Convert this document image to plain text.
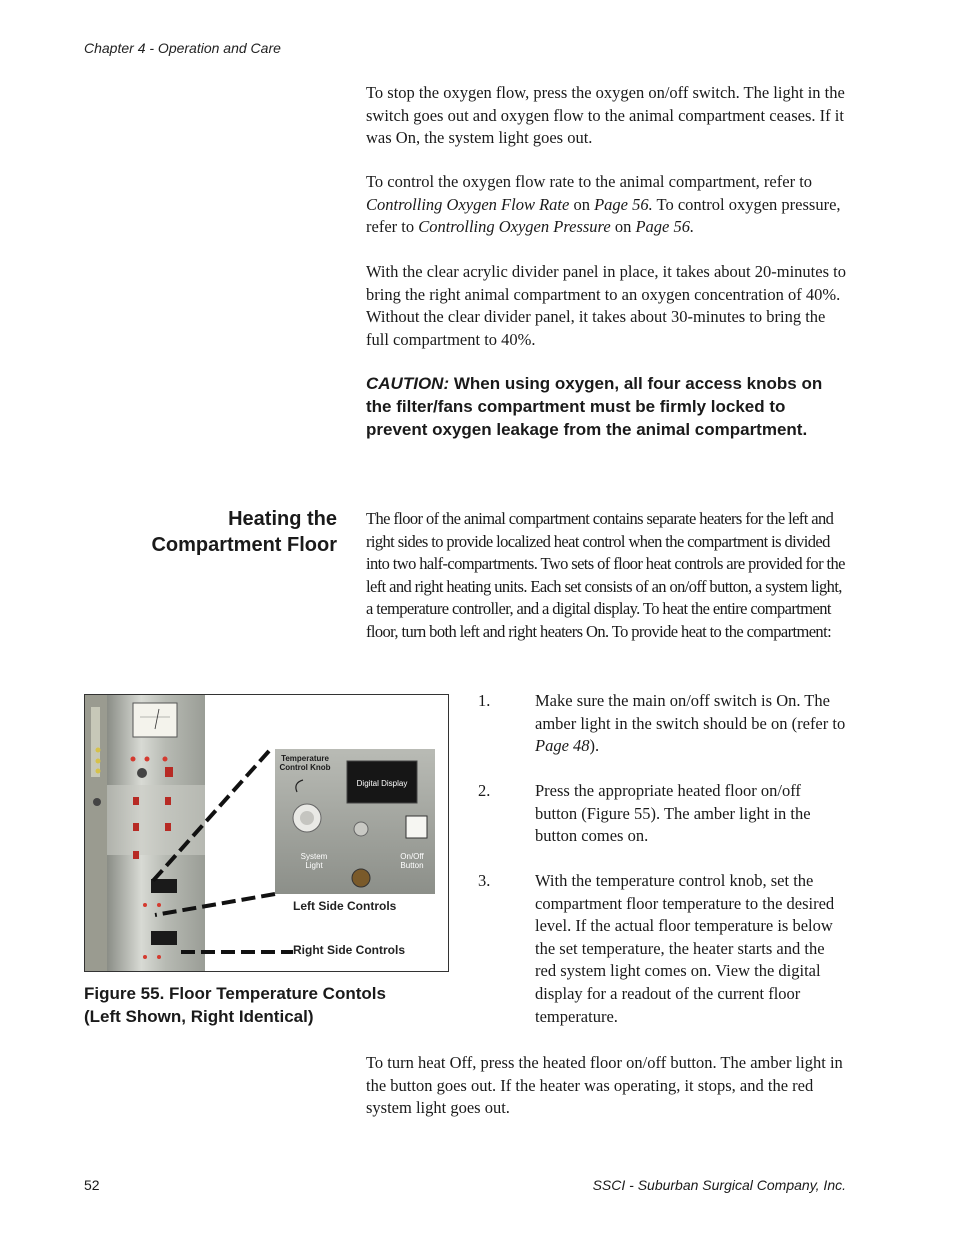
Chapter 4 - Operation and Care

To stop the oxygen flow, press the oxygen on/off switch. The light in the switch goes out and oxygen flow to the animal compartment ceases. If it was On, the system light goes out.

To control the oxygen flow rate to the animal compartment, refer to Controlling Oxygen Flow Rate on Page 56. To control oxygen pressure, refer to Controlling Oxygen Pressure on Page 56.

With the clear acrylic divider panel in place, it takes about 20-minutes to bring the right animal compartment to an oxygen concentration of 40%. Without the clear divider panel, it takes about 30-minutes to bring the full compartment to 40%.

CAUTION: When using oxygen, all four access knobs on the filter/fans compartment must be firmly locked to prevent oxygen leakage from the animal compartment.
Heating the
Compartment Floor

The floor of the animal compartment contains separate heaters for the left and right sides to provide localized heat control when the compartment is divided into two half-compartments. Two sets of floor heat controls are provided for the left and right heating units. Each set consists of an on/off button, a system light, a temperature controller, and a digital display. To heat the entire compartment floor, turn both left and right heaters On. To provide heat to the compartment:

Temperature
Control Knob
Digital Display
System
Light
On/Off
Button
Left Side Controls
Right Side Controls
Figure 55. Floor Temperature Contols
(Left Shown, Right Identical)
1.	Make sure the main on/off switch is On. The amber light in the switch should be on (refer to Page 48).
2.	Press the appropriate heated floor on/off button (Figure 55). The amber light in the button comes on.
3.	With the temperature control knob, set the compartment floor temperature to the desired level. If the actual floor temperature is below the set temperature, the heater starts and the red system light comes on. View the digital display for a readout of the current floor temperature.

To turn heat Off, press the heated floor on/off button. The amber light in the button goes out. If the heater was operating, it stops, and the red system light goes out.

52	SSCI - Suburban Surgical Company, Inc.
